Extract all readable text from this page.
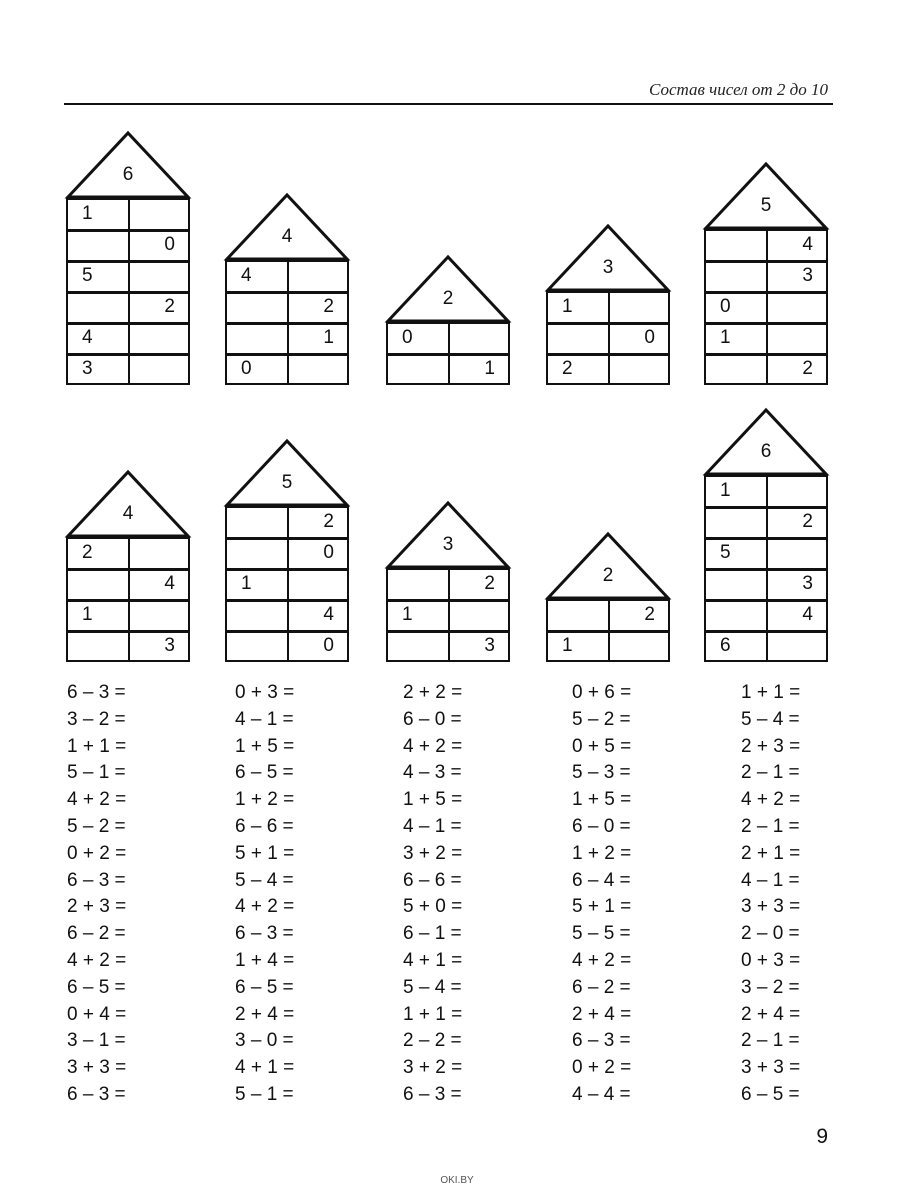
Состав чисел от 2 до 10
6
1
0
5
2
4
3
4
4
2
1
0
2
0
1
3
1
0
2
5
4
3
0
1
2
4
2
4
1
3
5
2
0
1
4
0
3
2
1
3
2
2
1
6
1
2
5
3
4
6
6 – 3 =
3 – 2 =
1 + 1 =
5 – 1 =
4 + 2 =
5 – 2 =
0 + 2 =
6 – 3 =
2 + 3 =
6 – 2 =
4 + 2 =
6 – 5 =
0 + 4 =
3 – 1 =
3 + 3 =
6 – 3 =
0 + 3 =
4 – 1 =
1 + 5 =
6 – 5 =
1 + 2 =
6 – 6 =
5 + 1 =
5 – 4 =
4 + 2 =
6 – 3 =
1 + 4 =
6 – 5 =
2 + 4 =
3 – 0 =
4 + 1 =
5 – 1 =
2 + 2 =
6 – 0 =
4 + 2 =
4 – 3 =
1 + 5 =
4 – 1 =
3 + 2 =
6 – 6 =
5 + 0 =
6 – 1 =
4 + 1 =
5 – 4 =
1 + 1 =
2 – 2 =
3 + 2 =
6 – 3 =
0 + 6 =
5 – 2 =
0 + 5 =
5 – 3 =
1 + 5 =
6 – 0 =
1 + 2 =
6 – 4 =
5 + 1 =
5 – 5 =
4 + 2 =
6 – 2 =
2 + 4 =
6 – 3 =
0 + 2 =
4 – 4 =
1 + 1 =
5 – 4 =
2 + 3 =
2 – 1 =
4 + 2 =
2 – 1 =
2 + 1 =
4 – 1 =
3 + 3 =
2 – 0 =
0 + 3 =
3 – 2 =
2 + 4 =
2 – 1 =
3 + 3 =
6 – 5 =
9
OKI.BY
